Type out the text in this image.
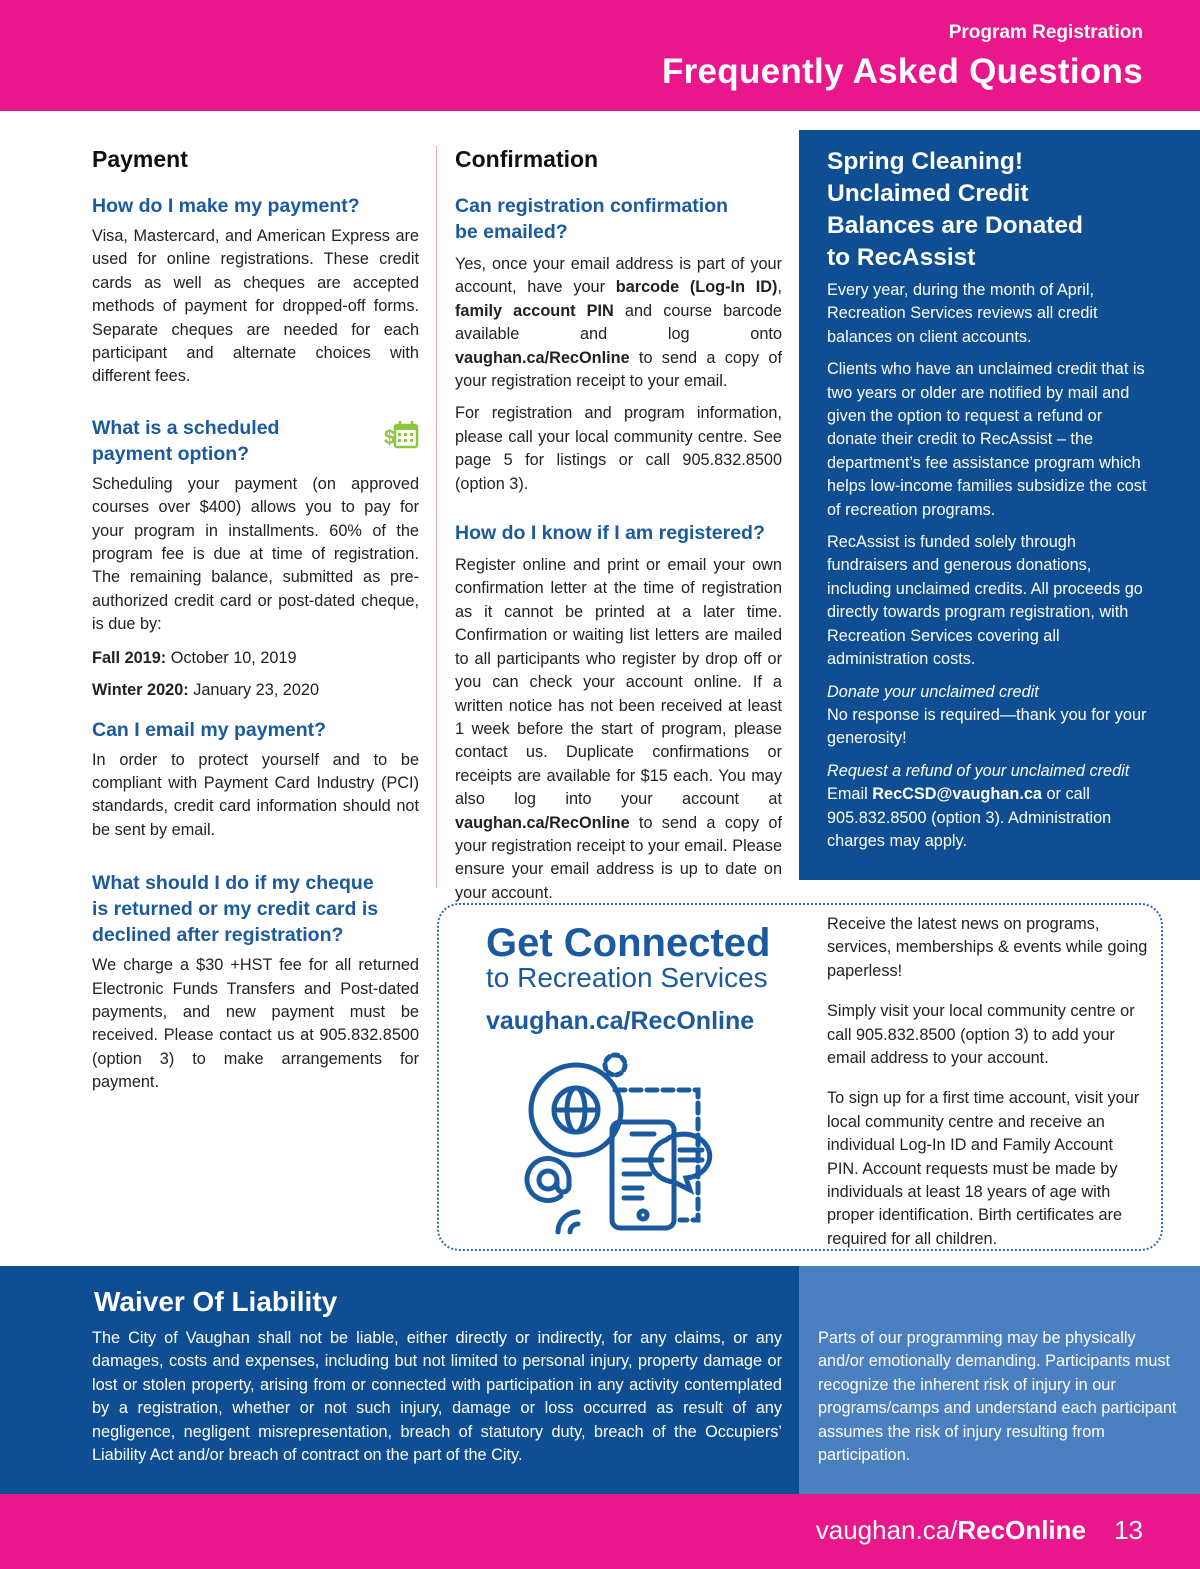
Program Registration
Frequently Asked Questions

Payment

How do I make my payment?

Visa, Mastercard, and American Express are used for online registrations. These credit cards as well as cheques are accepted methods of payment for dropped-off forms. Separate cheques are needed for each participant and alternate choices with different fees.

What is a scheduled

payment option?

$

Scheduling your payment (on approved courses over $400) allows you to pay for your program in installments. 60% of the program fee is due at time of registration. The remaining balance, submitted as pre-authorized credit card or post-dated cheque, is due by:

Fall 2019: October 10, 2019

Winter 2020: January 23, 2020

Can I email my payment?

In order to protect yourself and to be compliant with Payment Card Industry (PCI) standards, credit card information should not be sent by email.

What should I do if my cheque

is returned or my credit card is

declined after registration?

We charge a $30 +HST fee for all returned Electronic Funds Transfers and Post-dated payments, and new payment must be received. Please contact us at 905.832.8500 (option 3) to make arrangements for payment.

Confirmation

Can registration confirmation

be emailed?

Yes, once your email address is part of your account, have your barcode (Log-In ID), family account PIN and course barcode available and log onto vaughan.ca/RecOnline to send a copy of your registration receipt to your email.

For registration and program information, please call your local community centre. See page 5 for listings or call 905.832.8500 (option 3).

How do I know if I am registered?

Register online and print or email your own confirmation letter at the time of registration as it cannot be printed at a later time. Confirmation or waiting list letters are mailed to all participants who register by drop off or you can check your account online. If a written notice has not been received at least 1 week before the start of program, please contact us. Duplicate confirmations or receipts are available for $15 each. You may also log into your account at vaughan.ca/RecOnline to send a copy of your registration receipt to your email. Please ensure your email address is up to date on your account.

Spring Cleaning!
Unclaimed Credit
Balances are Donated
to RecAssist

Every year, during the month of April, Recreation Services reviews all credit balances on client accounts.

Clients who have an unclaimed credit that is two years or older are notified by mail and given the option to request a refund or donate their credit to RecAssist – the department’s fee assistance program which helps low-income families subsidize the cost of recreation programs.

RecAssist is funded solely through fundraisers and generous donations, including unclaimed credits. All proceeds go directly towards program registration, with Recreation Services covering all administration costs.

Donate your unclaimed credit

No response is required—thank you for your generosity!

Request a refund of your unclaimed credit

Email RecCSD@vaughan.ca or call 905.832.8500 (option 3). Administration charges may apply.

Get Connected
to Recreation Services
vaughan.ca/RecOnline

Receive the latest news on programs, services, memberships & events while going paperless!

Simply visit your local community centre or call 905.832.8500 (option 3) to add your email address to your account.

To sign up for a first time account, visit your local community centre and receive an individual Log-In ID and Family Account PIN. Account requests must be made by individuals at least 18 years of age with proper identification. Birth certificates are required for all children.

Waiver Of Liability
The City of Vaughan shall not be liable, either directly or indirectly, for any claims, or any damages, costs and expenses, including but not limited to personal injury, property damage or lost or stolen property, arising from or connected with participation in any activity contemplated by a registration, whether or not such injury, damage or loss occurred as result of any negligence, negligent misrepresentation, breach of statutory duty, breach of the Occupiers’ Liability Act and/or breach of contract on the part of the City.
Parts of our programming may be physically and/or emotionally demanding. Participants must recognize the inherent risk of injury in our programs/camps and understand each participant assumes the risk of injury resulting from participation.
vaughan.ca/RecOnline 13
